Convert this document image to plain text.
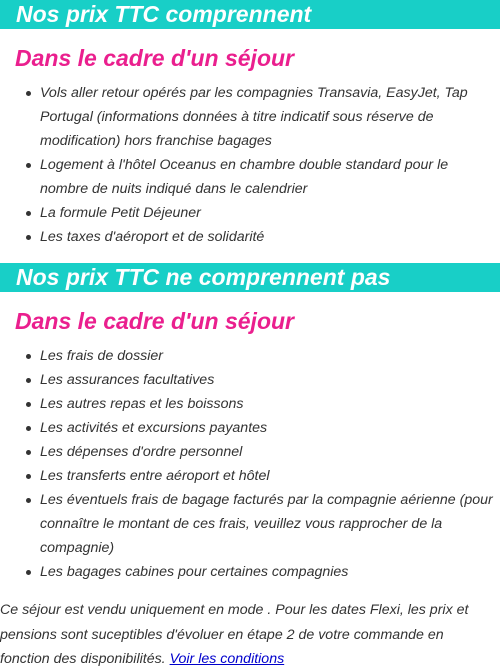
Nos prix TTC comprennent
Dans le cadre d'un séjour
Vols aller retour opérés par les compagnies Transavia, EasyJet, Tap Portugal (informations données à titre indicatif sous réserve de modification) hors franchise bagages
Logement à l'hôtel Oceanus en chambre double standard pour le nombre de nuits indiqué dans le calendrier
La formule Petit Déjeuner
Les taxes d'aéroport et de solidarité
Nos prix TTC ne comprennent pas
Dans le cadre d'un séjour
Les frais de dossier
Les assurances facultatives
Les autres repas et les boissons
Les activités et excursions payantes
Les dépenses d'ordre personnel
Les transferts entre aéroport et hôtel
Les éventuels frais de bagage facturés par la compagnie aérienne (pour connaître le montant de ces frais, veuillez vous rapprocher de la compagnie)
Les bagages cabines pour certaines compagnies

Ce séjour est vendu uniquement en mode . Pour les dates Flexi, les prix et pensions sont suceptibles d'évoluer en étape 2 de votre commande en fonction des disponibilités. Voir les conditions
